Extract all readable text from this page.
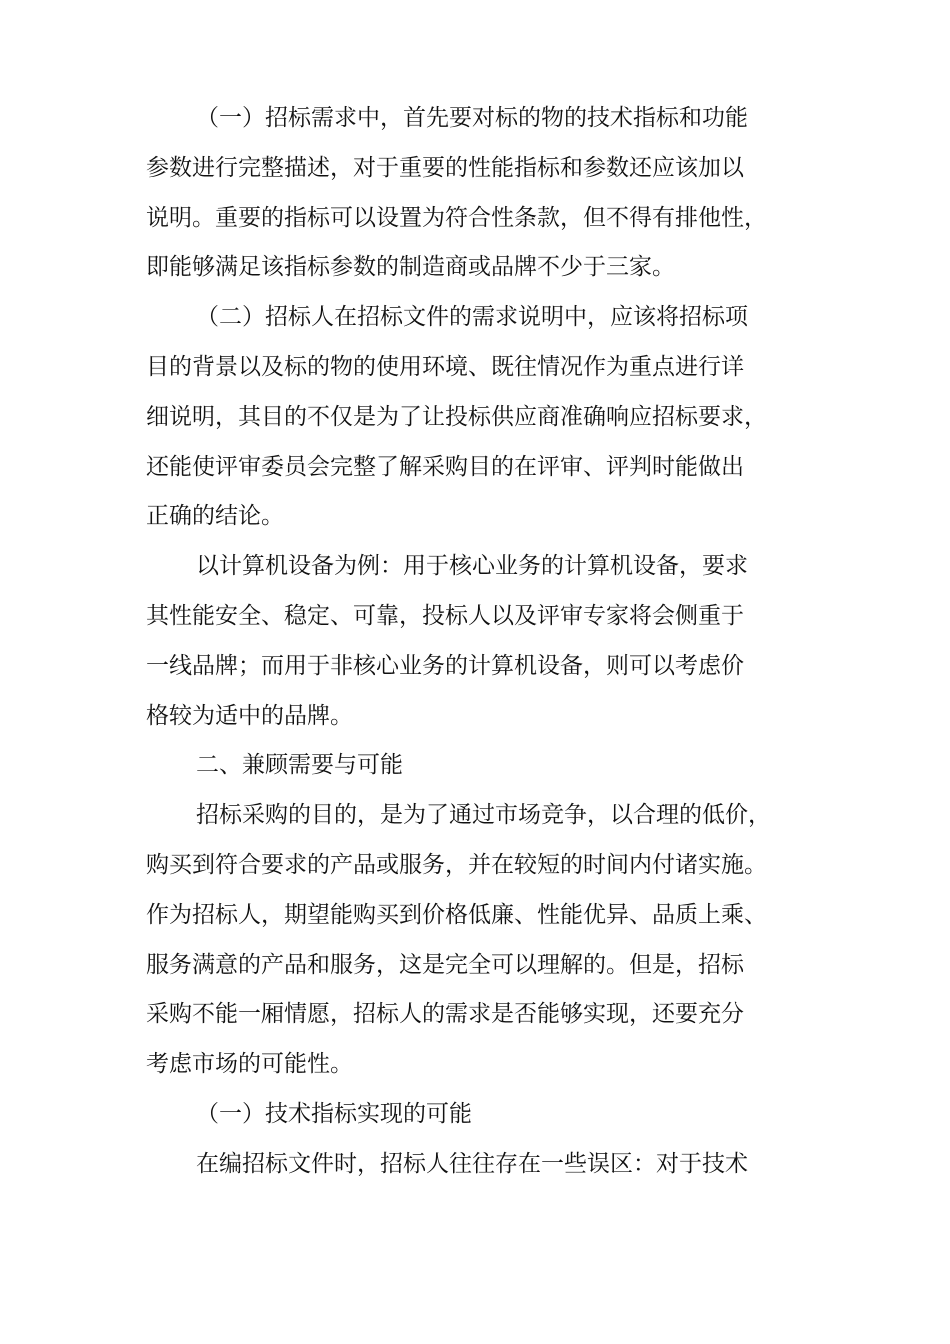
（一）招标需求中，首先要对标的物的技术指标和功能
参数进行完整描述，对于重要的性能指标和参数还应该加以
说明。重要的指标可以设置为符合性条款，但不得有排他性，
即能够满足该指标参数的制造商或品牌不少于三家。
（二）招标人在招标文件的需求说明中，应该将招标项
目的背景以及标的物的使用环境、既往情况作为重点进行详
细说明，其目的不仅是为了让投标供应商准确响应招标要求，
还能使评审委员会完整了解采购目的在评审、评判时能做出
正确的结论。
以计算机设备为例：用于核心业务的计算机设备，要求
其性能安全、稳定、可靠，投标人以及评审专家将会侧重于
一线品牌；而用于非核心业务的计算机设备，则可以考虑价
格较为适中的品牌。
二、兼顾需要与可能
招标采购的目的，是为了通过市场竞争，以合理的低价，
购买到符合要求的产品或服务，并在较短的时间内付诸实施。
作为招标人，期望能购买到价格低廉、性能优异、品质上乘、
服务满意的产品和服务，这是完全可以理解的。但是，招标
采购不能一厢情愿，招标人的需求是否能够实现，还要充分
考虑市场的可能性。
（一）技术指标实现的可能
在编招标文件时，招标人往往存在一些误区：对于技术
